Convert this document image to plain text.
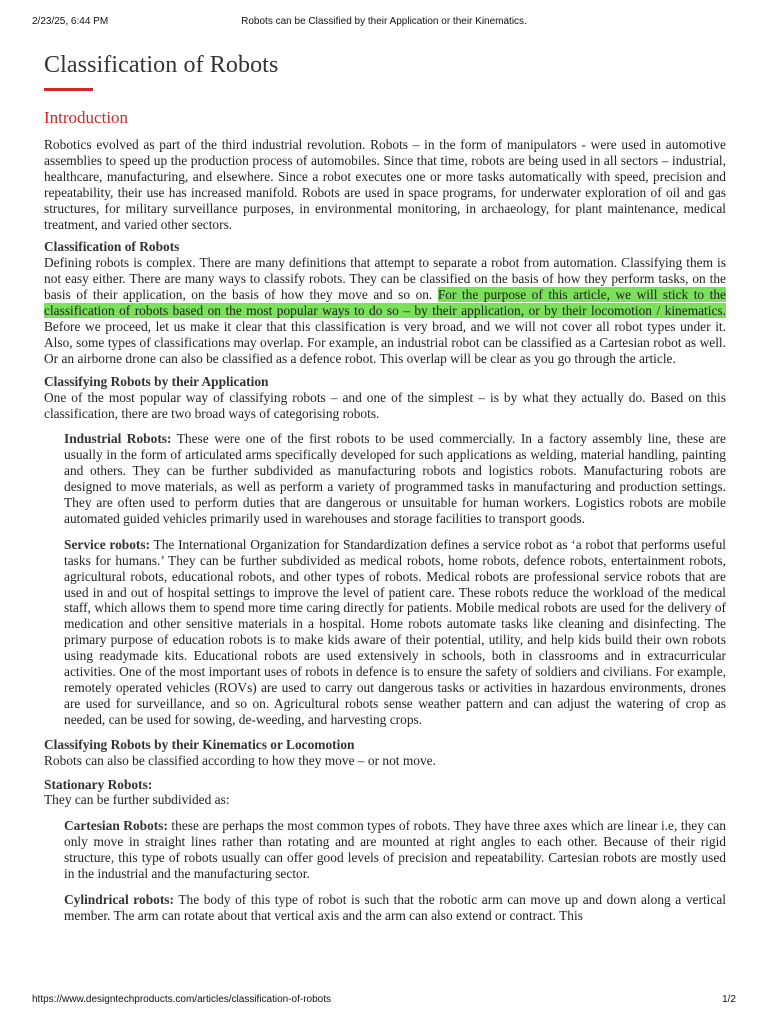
2/23/25, 6:44 PM	Robots can be Classified by their Application or their Kinematics.
Classification of Robots
Introduction

Robotics evolved as part of the third industrial revolution. Robots – in the form of manipulators - were used in automotive assemblies to speed up the production process of automobiles. Since that time, robots are being used in all sectors – industrial, healthcare, manufacturing, and elsewhere. Since a robot executes one or more tasks automatically with speed, precision and repeatability, their use has increased manifold. Robots are used in space programs, for underwater exploration of oil and gas structures, for military surveillance purposes, in environmental monitoring, in archaeology, for plant maintenance, medical treatment, and varied other sectors.

Classification of Robots

Defining robots is complex. There are many definitions that attempt to separate a robot from automation. Classifying them is not easy either. There are many ways to classify robots. They can be classified on the basis of how they perform tasks, on the basis of their application, on the basis of how they move and so on. For the purpose of this article, we will stick to the classification of robots based on the most popular ways to do so – by their application, or by their locomotion / kinematics. Before we proceed, let us make it clear that this classification is very broad, and we will not cover all robot types under it. Also, some types of classifications may overlap. For example, an industrial robot can be classified as a Cartesian robot as well. Or an airborne drone can also be classified as a defence robot. This overlap will be clear as you go through the article.

Classifying Robots by their Application

One of the most popular way of classifying robots – and one of the simplest – is by what they actually do. Based on this classification, there are two broad ways of categorising robots.

Industrial Robots: These were one of the first robots to be used commercially. In a factory assembly line, these are usually in the form of articulated arms specifically developed for such applications as welding, material handling, painting and others. They can be further subdivided as manufacturing robots and logistics robots. Manufacturing robots are designed to move materials, as well as perform a variety of programmed tasks in manufacturing and production settings. They are often used to perform duties that are dangerous or unsuitable for human workers. Logistics robots are mobile automated guided vehicles primarily used in warehouses and storage facilities to transport goods.

Service robots: The International Organization for Standardization defines a service robot as ‘a robot that performs useful tasks for humans.’ They can be further subdivided as medical robots, home robots, defence robots, entertainment robots, agricultural robots, educational robots, and other types of robots. Medical robots are professional service robots that are used in and out of hospital settings to improve the level of patient care. These robots reduce the workload of the medical staff, which allows them to spend more time caring directly for patients. Mobile medical robots are used for the delivery of medication and other sensitive materials in a hospital. Home robots automate tasks like cleaning and disinfecting. The primary purpose of education robots is to make kids aware of their potential, utility, and help kids build their own robots using readymade kits. Educational robots are used extensively in schools, both in classrooms and in extracurricular activities. One of the most important uses of robots in defence is to ensure the safety of soldiers and civilians. For example, remotely operated vehicles (ROVs) are used to carry out dangerous tasks or activities in hazardous environments, drones are used for surveillance, and so on. Agricultural robots sense weather pattern and can adjust the watering of crop as needed, can be used for sowing, de-weeding, and harvesting crops.

Classifying Robots by their Kinematics or Locomotion

Robots can also be classified according to how they move – or not move.

Stationary Robots:

They can be further subdivided as:

Cartesian Robots: these are perhaps the most common types of robots. They have three axes which are linear i.e, they can only move in straight lines rather than rotating and are mounted at right angles to each other. Because of their rigid structure, this type of robots usually can offer good levels of precision and repeatability. Cartesian robots are mostly used in the industrial and the manufacturing sector.

Cylindrical robots: The body of this type of robot is such that the robotic arm can move up and down along a vertical member. The arm can rotate about that vertical axis and the arm can also extend or contract. This

https://www.designtechproducts.com/articles/classification-of-robots	1/2
